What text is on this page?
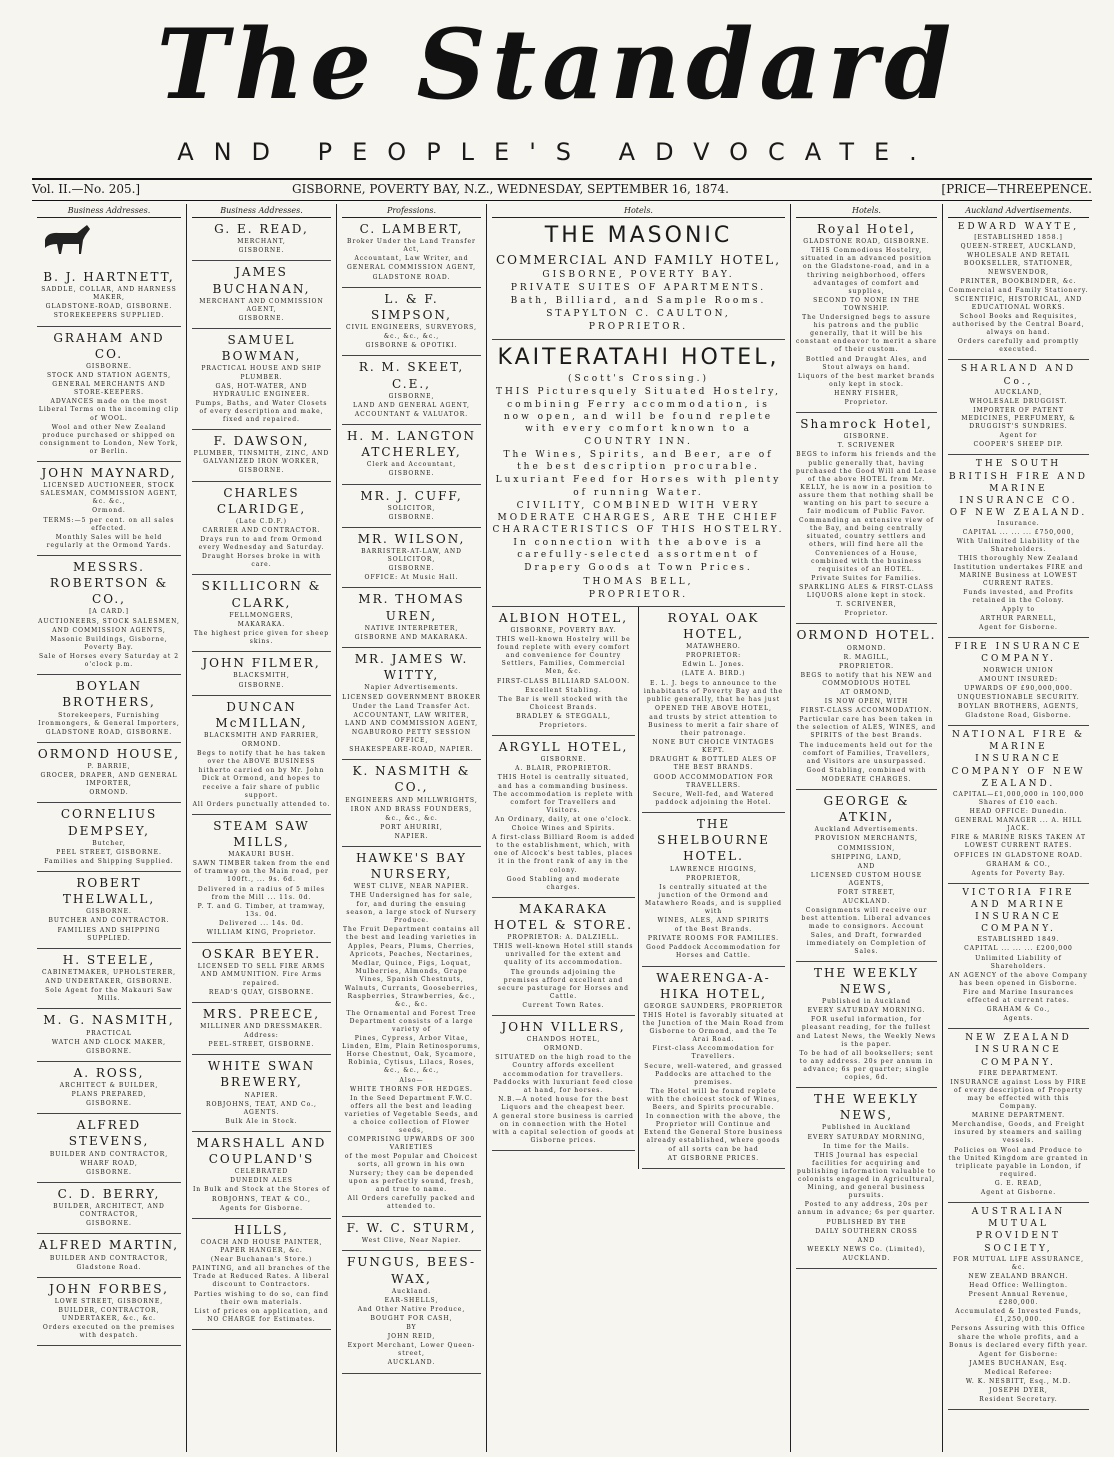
The Standard
AND PEOPLE'S ADVOCATE.
Vol. II.—No. 205.]	GISBORNE, POVERTY BAY, N.Z., WEDNESDAY, SEPTEMBER 16, 1874.	[PRICE—THREEPENCE.
Business Addresses.
B. J. HARTNETT,

SADDLE, COLLAR, AND HARNESS MAKER,

GLADSTONE-ROAD, GISBORNE.

STOREKEEPERS SUPPLIED.

GRAHAM AND CO.

GISBORNE.

STOCK AND STATION AGENTS,

GENERAL MERCHANTS AND STORE-KEEPERS.

ADVANCES made on the most Liberal Terms on the incoming clip of WOOL.

Wool and other New Zealand produce purchased or shipped on consignment to London, New York, or Berlin.

JOHN MAYNARD,

LICENSED AUCTIONEER, STOCK SALESMAN, COMMISSION AGENT, &c. &c.,

Ormond.

TERMS:—5 per cent. on all sales effected.

Monthly Sales will be held regularly at the Ormond Yards.

MESSRS. ROBERTSON & CO.,

[A CARD.]

AUCTIONEERS, STOCK SALESMEN,

AND COMMISSION AGENTS,

Masonic Buildings, Gisborne, Poverty Bay.

Sale of Horses every Saturday at 2 o'clock p.m.

BOYLAN BROTHERS,

Storekeepers, Furnishing Ironmongers, & General Importers,

GLADSTONE ROAD, GISBORNE.

ORMOND HOUSE,

P. BARRIE,

GROCER, DRAPER, AND GENERAL IMPORTER,

ORMOND.

CORNELIUS DEMPSEY,

Butcher,

PEEL STREET, GISBORNE.

Families and Shipping Supplied.

ROBERT THELWALL,

GISBORNE.

BUTCHER AND CONTRACTOR.

FAMILIES AND SHIPPING SUPPLIED.

H. STEELE,

CABINETMAKER, UPHOLSTERER,

AND UNDERTAKER, GISBORNE.

Sole Agent for the Makauri Saw Mills.

M. G. NASMITH,

PRACTICAL

WATCH AND CLOCK MAKER,

GISBORNE.

A. ROSS,

ARCHITECT & BUILDER,

PLANS PREPARED,

GISBORNE.

ALFRED STEVENS,

BUILDER AND CONTRACTOR,

WHARF ROAD,

GISBORNE.

C. D. BERRY,

BUILDER, ARCHITECT, AND CONTRACTOR,

GISBORNE.

ALFRED MARTIN,

BUILDER AND CONTRACTOR,

Gladstone Road.

JOHN FORBES,

LOWE STREET, GISBORNE,

BUILDER, CONTRACTOR, UNDERTAKER, &c., &c.

Orders executed on the premises with despatch.

Business Addresses.
G. E. READ,

MERCHANT,

GISBORNE.

JAMES BUCHANAN,

MERCHANT AND COMMISSION AGENT,

GISBORNE.

SAMUEL BOWMAN,

PRACTICAL HOUSE AND SHIP PLUMBER.

GAS, HOT-WATER, AND HYDRAULIC ENGINEER.

Pumps, Baths, and Water Closets of every description and make, fixed and repaired.

F. DAWSON,

PLUMBER, TINSMITH, ZINC, AND GALVANIZED IRON WORKER,

GISBORNE.

CHARLES CLARIDGE,

(Late C.D.F.)

CARRIER AND CONTRACTOR.

Drays run to and from Ormond every Wednesday and Saturday.

Draught Horses broke in with care.

SKILLICORN & CLARK,

FELLMONGERS,

MAKARAKA.

The highest price given for sheep skins.

JOHN FILMER,

BLACKSMITH,

GISBORNE.

DUNCAN McMILLAN,

BLACKSMITH AND FARRIER,

ORMOND.

Begs to notify that he has taken over the ABOVE BUSINESS

hitherto carried on by Mr. John Dick at Ormond, and hopes to receive a fair share of public support.

All Orders punctually attended to.

STEAM SAW MILLS,

MAKAURI BUSH.

SAWN TIMBER taken from the end of tramway on the Main road, per 100ft., ... 9s. 6d.

Delivered in a radius of 5 miles from the Mill ... 11s. 0d.

P. T. and G. Timber, at tramway, 13s. 0d.

Delivered ... 14s. 0d.

WILLIAM KING, Proprietor.

OSKAR BEYER.

LICENSED TO SELL FIRE ARMS AND AMMUNITION. Fire Arms repaired.

READ'S QUAY, GISBORNE.

MRS. PREECE,

MILLINER AND DRESSMAKER.

Address:

PEEL-STREET, GISBORNE.

WHITE SWAN BREWERY,

NAPIER.

ROBJOHNS, TEAT, AND Co., AGENTS.

Bulk Ale in Stock.

MARSHALL AND COUPLAND'S

CELEBRATED

DUNEDIN ALES

In Bulk and Stock at the Stores of

ROBJOHNS, TEAT & CO.,

Agents for Gisborne.

HILLS,

COACH AND HOUSE PAINTER, PAPER HANGER, &c.

(Near Buchanan's Store.)

PAINTING, and all branches of the Trade at Reduced Rates. A liberal discount to Contractors.

Parties wishing to do so, can find their own materials.

List of prices on application, and NO CHARGE for Estimates.

Professions.
C. LAMBERT,

Broker Under the Land Transfer Act,

Accountant, Law Writer, and

GENERAL COMMISSION AGENT,

GLADSTONE ROAD.

L. & F. SIMPSON,

CIVIL ENGINEERS, SURVEYORS,

&c., &c., &c.,

GISBORNE & OPOTIKI.

R. M. SKEET, C.E.,

GISBORNE,

LAND AND GENERAL AGENT,

ACCOUNTANT & VALUATOR.

H. M. LANGTON ATCHERLEY,

Clerk and Accountant,

GISBORNE.

MR. J. CUFF,

SOLICITOR,

GISBORNE.

MR. WILSON,

BARRISTER-AT-LAW, AND SOLICITOR,

GISBORNE.

OFFICE: At Music Hall.

MR. THOMAS UREN,

NATIVE INTERPRETER,

GISBORNE AND MAKARAKA.

MR. JAMES W. WITTY,

Napier Advertisements.

LICENSED GOVERNMENT BROKER

Under the Land Transfer Act.

ACCOUNTANT, LAW WRITER, LAND AND COMMISSION AGENT,

NGABURORO PETTY SESSION OFFICE,

SHAKESPEARE-ROAD, NAPIER.

K. NASMITH & CO.,

ENGINEERS AND MILLWRIGHTS,

IRON AND BRASS FOUNDERS,

&c., &c., &c.

PORT AHURIRI,

NAPIER.

HAWKE'S BAY NURSERY,

WEST CLIVE, NEAR NAPIER.

THE Undersigned has for sale, for, and during the ensuing season, a large stock of Nursery Produce.

The Fruit Department contains all the best and leading varieties in

Apples, Pears, Plums, Cherries, Apricots, Peaches, Nectarines,

Medlar, Quince, Figs, Loquat, Mulberries, Almonds, Grape Vines, Spanish Chestnuts, Walnuts, Currants, Gooseberries, Raspberries, Strawberries, &c., &c., &c.

The Ornamental and Forest Tree Department consists of a large variety of

Pines, Cypress, Arbor Vitae, Linden, Elm, Plain Retinosporums, Horse Chestnut, Oak, Sycamore, Robinia, Cytisus, Lilacs, Roses, &c., &c., &c.,

Also—

WHITE THORNS FOR HEDGES.

In the Seed Department F.W.C. offers all the best and leading varieties of Vegetable Seeds, and a choice collection of Flower seeds,

COMPRISING UPWARDS OF 300 VARIETIES

of the most Popular and Choicest sorts, all grown in his own Nursery; they can be depended upon as perfectly sound, fresh, and true to name.

All Orders carefully packed and attended to.

F. W. C. STURM,

West Clive, Near Napier.

FUNGUS, BEES-WAX,

Auckland.

EAR-SHELLS,

And Other Native Produce,

BOUGHT FOR CASH,

BY

JOHN REID,

Export Merchant, Lower Queen-street,

AUCKLAND.

Hotels.
THE MASONIC

COMMERCIAL AND FAMILY HOTEL,

GISBORNE, POVERTY BAY.

PRIVATE SUITES OF APARTMENTS.

Bath, Billiard, and Sample Rooms.

STAPYLTON C. CAULTON,

PROPRIETOR.

KAITERATAHI HOTEL,

(Scott's Crossing.)

THIS Picturesquely Situated Hostelry, combining Ferry accommodation, is now open, and will be found replete with every comfort known to a

COUNTRY INN.

The Wines, Spirits, and Beer, are of the best description procurable.

Luxuriant Feed for Horses with plenty of running Water.

CIVILITY, COMBINED WITH VERY MODERATE CHARGES, ARE THE CHIEF CHARACTERISTICS OF THIS HOSTELRY.

In connection with the above is a carefully-selected assortment of

Drapery Goods at Town Prices.

THOMAS BELL,

PROPRIETOR.

ALBION HOTEL,

GISBORNE, POVERTY BAY.

THIS well-known Hostelry will be found replete with every comfort and convenience for Country Settlers, Families, Commercial Men, &c.

FIRST-CLASS BILLIARD SALOON.

Excellent Stabling.

The Bar is well stocked with the Choicest Brands.

BRADLEY & STEGGALL,

Proprietors.

ARGYLL HOTEL,

GISBORNE.

A. BLAIR, PROPRIETOR.

THIS Hotel is centrally situated, and has a commanding business. The accommodation is replete with comfort for Travellers and Visitors.

An Ordinary, daily, at one o'clock.

Choice Wines and Spirits.

A first-class Billiard Room is added to the establishment, which, with one of Alcock's best tables, places it in the front rank of any in the colony.

Good Stabling and moderate charges.

MAKARAKA HOTEL & STORE.

PROPRIETOR: A. DALZIELL.

THIS well-known Hotel still stands unrivalled for the extent and quality of its accommodation.

The grounds adjoining the premises afford excellent and secure pasturage for Horses and Cattle.

Current Town Rates.

JOHN VILLERS,

CHANDOS HOTEL,

ORMOND.

SITUATED on the high road to the Country affords excellent accommodation for travellers. Paddocks with luxuriant feed close at hand, for horses.

N.B.—A noted house for the best Liquors and the cheapest beer.

A general store business is carried on in connection with the Hotel with a capital selection of goods at Gisborne prices.

ROYAL OAK HOTEL,

MATAWHERO.

PROPRIETOR:

Edwin L. Jones.

(LATE A. BIRD.)

E. L. J. begs to announce to the inhabitants of Poverty Bay and the public generally, that he has just

OPENED THE ABOVE HOTEL,

and trusts by strict attention to Business to merit a fair share of their patronage.

NONE BUT CHOICE VINTAGES KEPT.

DRAUGHT & BOTTLED ALES OF THE BEST BRANDS.

GOOD ACCOMMODATION FOR TRAVELLERS.

Secure, Well-fed, and Watered paddock adjoining the Hotel.

THE SHELBOURNE HOTEL.

LAWRENCE HIGGINS,

PROPRIETOR,

Is centrally situated at the junction of the Ormond and Matawhero Roads, and is supplied with

WINES, ALES, AND SPIRITS

of the Best Brands.

PRIVATE ROOMS FOR FAMILIES.

Good Paddock Accommodation for Horses and Cattle.

WAERENGA-A-HIKA HOTEL,

GEORGE SAUNDERS, PROPRIETOR

THIS Hotel is favorably situated at the Junction of the Main Road from Gisborne to Ormond, and the Te Arai Road.

First-class Accommodation for Travellers.

Secure, well-watered, and grassed Paddocks are attached to the premises.

The Hotel will be found replete with the choicest stock of Wines, Beers, and Spirits procurable.

In connection with the above, the Proprietor will Continue and Extend the General Store business already established, where goods of all sorts can be had

AT GISBORNE PRICES.

Hotels.
Royal Hotel,

GLADSTONE ROAD, GISBORNE.

THIS Commodious Hostelry, situated in an advanced position on the Gladstone-road, and in a thriving neighborhood, offers advantages of comfort and supplies,

SECOND TO NONE IN THE TOWNSHIP.

The Undersigned begs to assure his patrons and the public generally, that it will be his constant endeavor to merit a share of their custom.

Bottled and Draught Ales, and Stout always on hand.

Liquors of the best market brands only kept in stock.

HENRY FISHER,

Proprietor.

Shamrock Hotel,

GISBORNE.

T. SCRIVENER

BEGS to inform his friends and the public generally that, having purchased the Good Will and Lease of the above HOTEL from Mr. KELLY, he is now in a position to assure them that nothing shall be wanting on his part to secure a fair modicum of Public Favor.

Commanding an extensive view of the Bay, and being centrally situated, country settlers and others, will find here all the Conveniences of a House, combined with the business requisites of an HOTEL.

Private Suites for Families.

SPARKLING ALES & FIRST-CLASS LIQUORS alone kept in stock.

T. SCRIVENER,

Proprietor.

ORMOND HOTEL.

ORMOND.

R. MAGILL,

PROPRIETOR.

BEGS to notify that his NEW and COMMODIOUS HOTEL

AT ORMOND,

IS NOW OPEN, WITH

FIRST-CLASS ACCOMMODATION.

Particular care has been taken in the selection of ALES, WINES, and SPIRITS of the best Brands.

The inducements held out for the comfort of Families, Travellers, and Visitors are unsurpassed.

Good Stabling, combined with

MODERATE CHARGES.

GEORGE & ATKIN,

Auckland Advertisements.

PROVISION MERCHANTS,

COMMISSION,

SHIPPING, LAND,

AND

LICENSED CUSTOM HOUSE AGENTS,

FORT STREET,

AUCKLAND.

Consignments will receive our best attention. Liberal advances made to consignors. Account Sales, and Draft, forwarded immediately on Completion of Sales.

THE WEEKLY NEWS,

Published in Auckland

EVERY SATURDAY MORNING.

FOR useful information, for pleasant reading, for the fullest and Latest News, the Weekly News is the paper.

To be had of all booksellers; sent to any address. 20s per annum in advance; 6s per quarter; single copies, 6d.

THE WEEKLY NEWS,

Published in Auckland

EVERY SATURDAY MORNING,

In time for the Mails.

THIS Journal has especial facilities for acquiring and publishing information valuable to colonists engaged in Agricultural, Mining, and general business pursuits.

Posted to any address, 20s per annum in advance; 6s per quarter.

PUBLISHED BY THE

DAILY SOUTHERN CROSS

AND

WEEKLY NEWS Co. (Limited),

AUCKLAND.

Auckland Advertisements.
EDWARD WAYTE,

[ESTABLISHED 1858.]

QUEEN-STREET, AUCKLAND,

WHOLESALE AND RETAIL BOOKSELLER, STATIONER, NEWSVENDOR,

PRINTER, BOOKBINDER, &c.

Commercial and Family Stationery.

SCIENTIFIC, HISTORICAL, AND EDUCATIONAL WORKS.

School Books and Requisites, authorised by the Central Board, always on hand.

Orders carefully and promptly executed.

SHARLAND AND Co.,

AUCKLAND,

WHOLESALE DRUGGIST.

IMPORTER OF PATENT MEDICINES, PERFUMERY, & DRUGGIST'S SUNDRIES.

Agent for

COOPER'S SHEEP DIP.

THE SOUTH BRITISH FIRE AND MARINE INSURANCE CO. OF NEW ZEALAND.

Insurance.

CAPITAL ... ... ... £750,000,

With Unlimited Liability of the Shareholders.

THIS thoroughly New Zealand Institution undertakes FIRE and MARINE Business at LOWEST CURRENT RATES.

Funds invested, and Profits retained in the Colony.

Apply to

ARTHUR PARNELL,

Agent for Gisborne.

FIRE INSURANCE COMPANY.

NORWICH UNION

AMOUNT INSURED:

UPWARDS OF £90,000,000.

UNQUESTIONABLE SECURITY.

BOYLAN BROTHERS, AGENTS,

Gladstone Road, Gisborne.

NATIONAL FIRE & MARINE INSURANCE COMPANY OF NEW ZEALAND.

CAPITAL—£1,000,000 in 100,000 Shares of £10 each.

HEAD OFFICE: Dunedin.

GENERAL MANAGER ... A. HILL JACK.

FIRE & MARINE RISKS TAKEN AT LOWEST CURRENT RATES.

OFFICES IN GLADSTONE ROAD.

GRAHAM & CO.,

Agents for Poverty Bay.

VICTORIA FIRE AND MARINE INSURANCE COMPANY.

ESTABLISHED 1849.

CAPITAL ... ... ... £200,000

Unlimited Liability of Shareholders.

AN AGENCY of the above Company has been opened in Gisborne.

Fire and Marine Insurances effected at current rates.

GRAHAM & Co.,

Agents.

NEW ZEALAND INSURANCE COMPANY.

FIRE DEPARTMENT.

INSURANCE against Loss by FIRE of every description of Property may be effected with this Company.

MARINE DEPARTMENT.

Merchandise, Goods, and Freight insured by steamers and sailing vessels.

Policies on Wool and Produce to the United Kingdom are granted in triplicate payable in London, if required.

G. E. READ,

Agent at Gisborne.

AUSTRALIAN MUTUAL PROVIDENT SOCIETY,

FOR MUTUAL LIFE ASSURANCE, &c.

NEW ZEALAND BRANCH.

Head Office: Wellington.

Present Annual Revenue, £280,000.

Accumulated & Invested Funds, £1,250,000.

Persons Assuring with this Office share the whole profits, and a Bonus is declared every fifth year.

Agent for Gisborne:

JAMES BUCHANAN, Esq.

Medical Referee:

W. K. NESBITT, Esq., M.D.

JOSEPH DYER,

Resident Secretary.
